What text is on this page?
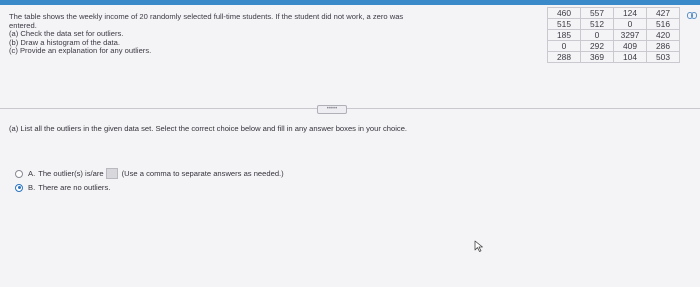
The table shows the weekly income of 20 randomly selected full-time students. If the student did not work, a zero was
entered.
(a) Check the data set for outliers.
(b) Draw a histogram of the data.
(c) Provide an explanation for any outliers.
460	557	124	427
515	512	0	516
185	0	3297	420
0	292	409	286
288	369	104	503
•••••
(a) List all the outliers in the given data set. Select the correct choice below and fill in any answer boxes in your choice.
A. The outlier(s) is/are (Use a comma to separate answers as needed.)
B. There are no outliers.
